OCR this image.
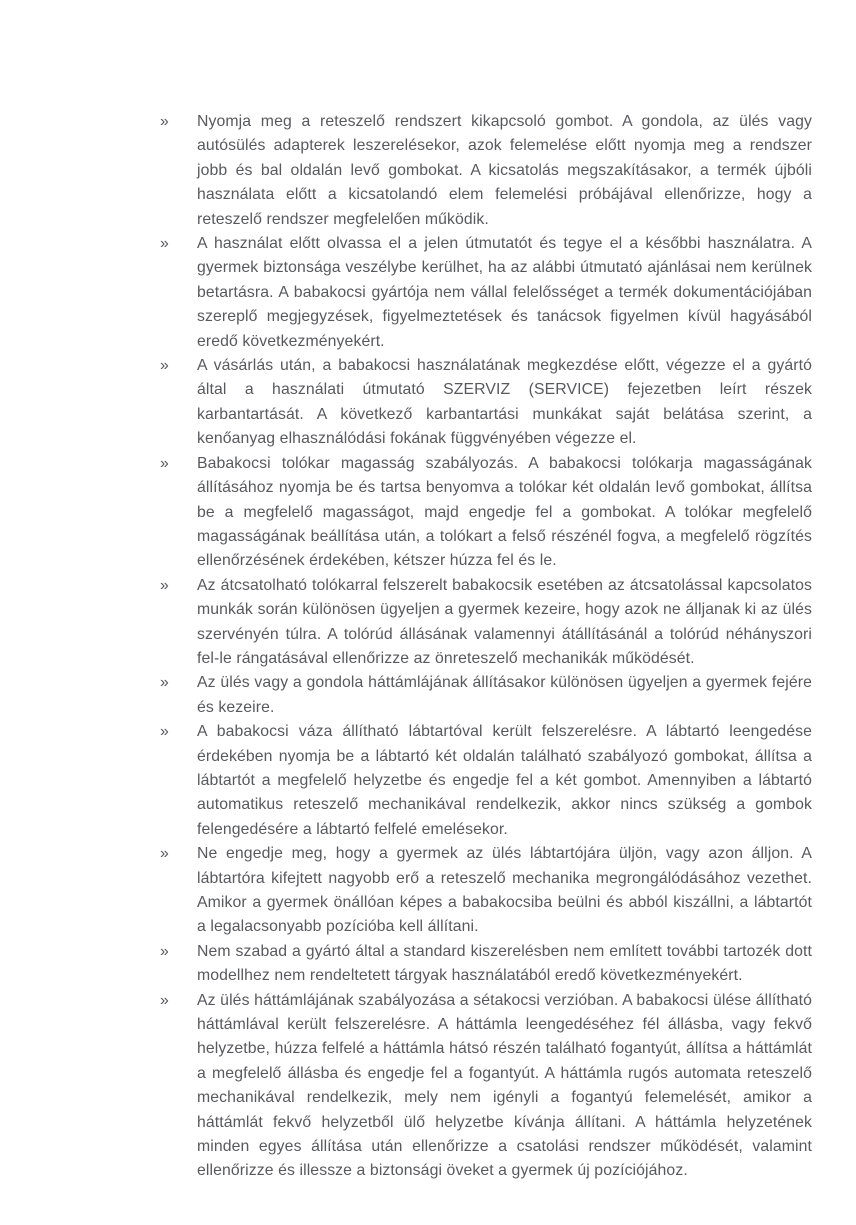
»	Nyomja meg a reteszelő rendszert kikapcsoló gombot. A gondola, az ülés vagy autósülés adapterek leszerelésekor, azok felemelése előtt nyomja meg a rendszer jobb és bal oldalán levő gombokat. A kicsatolás megszakításakor, a termék újbóli használata előtt a kicsatolandó elem felemelési próbájával ellenőrizze, hogy a reteszelő rendszer megfelelően működik.

»	A használat előtt olvassa el a jelen útmutatót és tegye el a későbbi használatra. A gyermek biztonsága veszélybe kerülhet, ha az alábbi útmutató ajánlásai nem kerülnek betartásra. A babakocsi gyártója nem vállal felelősséget a termék dokumentációjában szereplő megjegyzések, figyelmeztetések és tanácsok figyelmen kívül hagyásából eredő következményekért.

»	A vásárlás után, a babakocsi használatának megkezdése előtt, végezze el a gyártó által a használati útmutató SZERVIZ (SERVICE) fejezetben leírt részek karbantartását. A következő karbantartási munkákat saját belátása szerint, a kenőanyag elhasználódási fokának függvényében végezze el.

»	Babakocsi tolókar magasság szabályozás. A babakocsi tolókarja magasságának állításához nyomja be és tartsa benyomva a tolókar két oldalán levő gombokat, állítsa be a megfelelő magasságot, majd engedje fel a gombokat. A tolókar megfelelő magasságának beállítása után, a tolókart a felső részénél fogva, a megfelelő rögzítés ellenőrzésének érdekében, kétszer húzza fel és le.

»	Az átcsatolható tolókarral felszerelt babakocsik esetében az átcsatolással kapcsolatos munkák során különösen ügyeljen a gyermek kezeire, hogy azok ne álljanak ki az ülés szervényén túlra. A tolórúd állásának valamennyi átállításánál a tolórúd néhányszori fel-le rángatásával ellenőrizze az önreteszelő mechanikák működését.

»	Az ülés vagy a gondola háttámlájának állításakor különösen ügyeljen a gyermek fejére és kezeire.

»	A babakocsi váza állítható lábtartóval került felszerelésre. A lábtartó leengedése érdekében nyomja be a lábtartó két oldalán található szabályozó gombokat, állítsa a lábtartót a megfelelő helyzetbe és engedje fel a két gombot. Amennyiben a lábtartó automatikus reteszelő mechanikával rendelkezik, akkor nincs szükség a gombok felengedésére a lábtartó felfelé emelésekor.

»	Ne engedje meg, hogy a gyermek az ülés lábtartójára üljön, vagy azon álljon. A lábtartóra kifejtett nagyobb erő a reteszelő mechanika megrongálódásához vezethet. Amikor a gyermek önállóan képes a babakocsiba beülni és abból kiszállni, a lábtartót a legalacsonyabb pozícióba kell állítani.

»	Nem szabad a gyártó által a standard kiszerelésben nem említett további tartozék dott modellhez nem rendeltetett tárgyak használatából eredő következményekért.

»	Az ülés háttámlájának szabályozása a sétakocsi verzióban. A babakocsi ülése állítható háttámlával került felszerelésre. A háttámla leengedéséhez fél állásba, vagy fekvő helyzetbe, húzza felfelé a háttámla hátsó részén található fogantyút, állítsa a háttámlát a megfelelő állásba és engedje fel a fogantyút. A háttámla rugós automata reteszelő mechanikával rendelkezik, mely nem igényli a fogantyú felemelését, amikor a háttámlát fekvő helyzetből ülő helyzetbe kívánja állítani. A háttámla helyzetének minden egyes állítása után ellenőrizze a csatolási rendszer működését, valamint ellenőrizze és illessze a biztonsági öveket a gyermek új pozíciójához.
